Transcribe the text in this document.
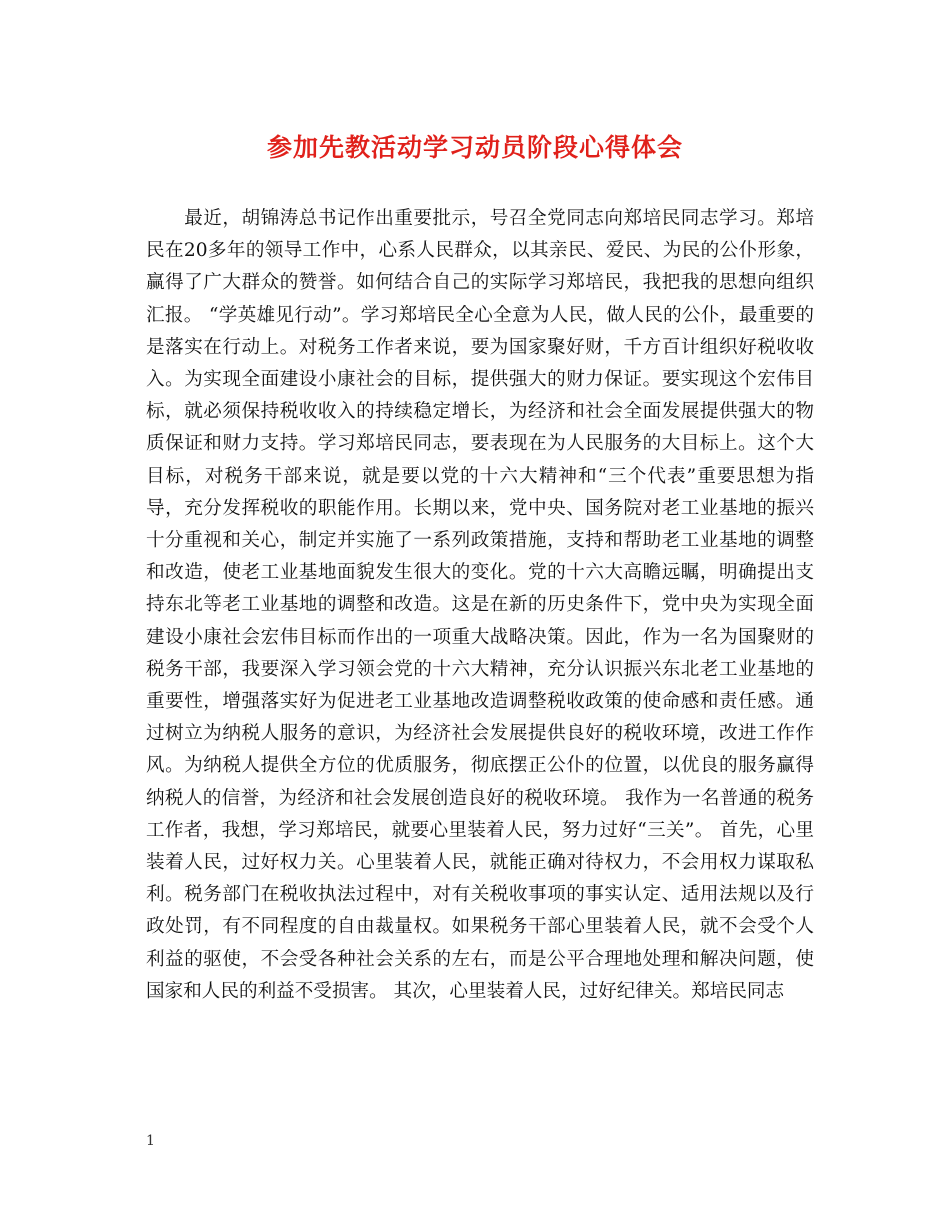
参加先教活动学习动员阶段心得体会

　　最近，胡锦涛总书记作出重要批示，号召全党同志向郑培民同志学习。郑培民在20多年的领导工作中，心系人民群众，以其亲民、爱民、为民的公仆形象，赢得了广大群众的赞誉。如何结合自己的实际学习郑培民，我把我的思想向组织汇报。 “学英雄见行动”。学习郑培民全心全意为人民，做人民的公仆，最重要的是落实在行动上。对税务工作者来说，要为国家聚好财，千方百计组织好税收收入。为实现全面建设小康社会的目标，提供强大的财力保证。要实现这个宏伟目标，就必须保持税收收入的持续稳定增长，为经济和社会全面发展提供强大的物质保证和财力支持。学习郑培民同志，要表现在为人民服务的大目标上。这个大目标，对税务干部来说，就是要以党的十六大精神和“三个代表”重要思想为指导，充分发挥税收的职能作用。长期以来，党中央、国务院对老工业基地的振兴十分重视和关心，制定并实施了一系列政策措施，支持和帮助老工业基地的调整和改造，使老工业基地面貌发生很大的变化。党的十六大高瞻远瞩，明确提出支持东北等老工业基地的调整和改造。这是在新的历史条件下，党中央为实现全面建设小康社会宏伟目标而作出的一项重大战略决策。因此，作为一名为国聚财的税务干部，我要深入学习领会党的十六大精神，充分认识振兴东北老工业基地的重要性，增强落实好为促进老工业基地改造调整税收政策的使命感和责任感。通过树立为纳税人服务的意识，为经济社会发展提供良好的税收环境，改进工作作风。为纳税人提供全方位的优质服务，彻底摆正公仆的位置，以优良的服务赢得纳税人的信誉，为经济和社会发展创造良好的税收环境。 我作为一名普通的税务工作者，我想，学习郑培民，就要心里装着人民，努力过好“三关”。 首先，心里装着人民，过好权力关。心里装着人民，就能正确对待权力，不会用权力谋取私利。税务部门在税收执法过程中，对有关税收事项的事实认定、适用法规以及行政处罚，有不同程度的自由裁量权。如果税务干部心里装着人民，就不会受个人利益的驱使，不会受各种社会关系的左右，而是公平合理地处理和解决问题，使国家和人民的利益不受损害。 其次，心里装着人民，过好纪律关。郑培民同志

1
